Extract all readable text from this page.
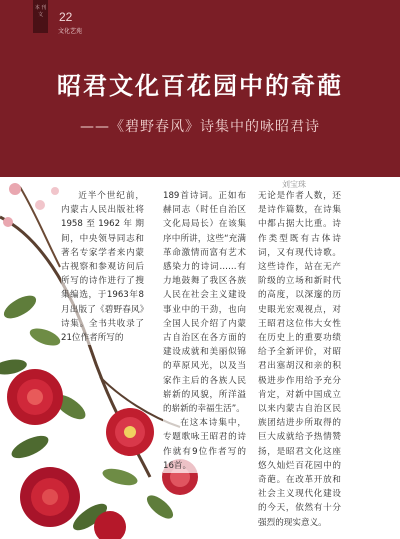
本 刊 文	22
文化艺苑
昭君文化百花园中的奇葩
——《碧野春风》诗集中的咏昭君诗
刘宝珠

近半个世纪前，内蒙古人民出版社将1958至1962年期间，中央领导同志和著名专家学者来内蒙古视察和参观访问后所写的诗作进行了搜集编选，于1963年8月出版了《碧野春风》诗集。全书共收录了21位作者所写的

189首诗词。正如布赫同志（时任自治区文化局局长）在该集序中所讲，这些“充满革命激情而富有艺术感染力的诗词……有力地鼓舞了我区各族人民在社会主义建设事业中的干劲，也向全国人民介绍了内蒙古自治区在各方面的建设成就和美丽似锦的草原风光，以及当家作主后的各族人民崭新的风貌，所洋溢的崭新的幸福生活”。

在这本诗集中，专题歌咏王昭君的诗作就有9位作者写的16首。

无论是作者人数，还是诗作篇数，在诗集中都占据大比重。诗作类型既有古体诗词，又有现代诗歌。这些诗作，站在无产阶级的立场和新时代的高度，以深邃的历史眼光宏观视点，对王昭君这位伟大女性在历史上的重要功绩给予全新评价，对昭君出塞胡汉和亲的积极进步作用给予充分肯定，对新中国成立以来内蒙古自治区民族团结进步所取得的巨大成就给予热情赞扬，是昭君文化这座悠久灿烂百花园中的奇葩。在改革开放和社会主义现代化建设的今天，依然有十分强烈的现实意义。
